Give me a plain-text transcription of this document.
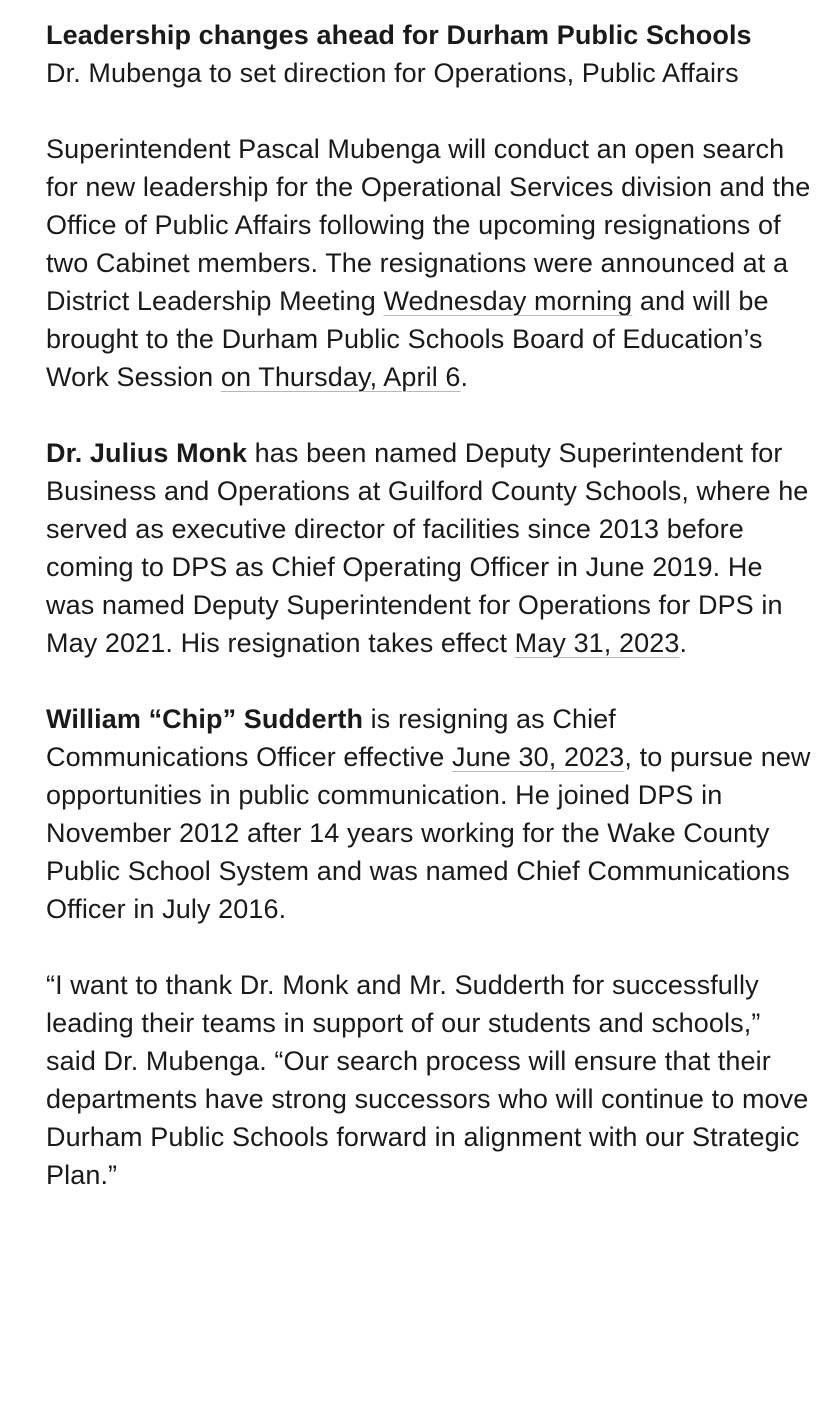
Leadership changes ahead for Durham Public Schools

Dr. Mubenga to set direction for Operations, Public Affairs

Superintendent Pascal Mubenga will conduct an open search for new leadership for the Operational Services division and the Office of Public Affairs following the upcoming resignations of two Cabinet members. The resignations were announced at a District Leadership Meeting Wednesday morning and will be brought to the Durham Public Schools Board of Education’s Work Session on Thursday, April 6.

Dr. Julius Monk has been named Deputy Superintendent for Business and Operations at Guilford County Schools, where he served as executive director of facilities since 2013 before coming to DPS as Chief Operating Officer in June 2019. He was named Deputy Superintendent for Operations for DPS in May 2021. His resignation takes effect May 31, 2023.

William “Chip” Sudderth is resigning as Chief Communications Officer effective June 30, 2023, to pursue new opportunities in public communication. He joined DPS in November 2012 after 14 years working for the Wake County Public School System and was named Chief Communications Officer in July 2016.

“I want to thank Dr. Monk and Mr. Sudderth for successfully leading their teams in support of our students and schools,” said Dr. Mubenga. “Our search process will ensure that their departments have strong successors who will continue to move Durham Public Schools forward in alignment with our Strategic Plan.”
